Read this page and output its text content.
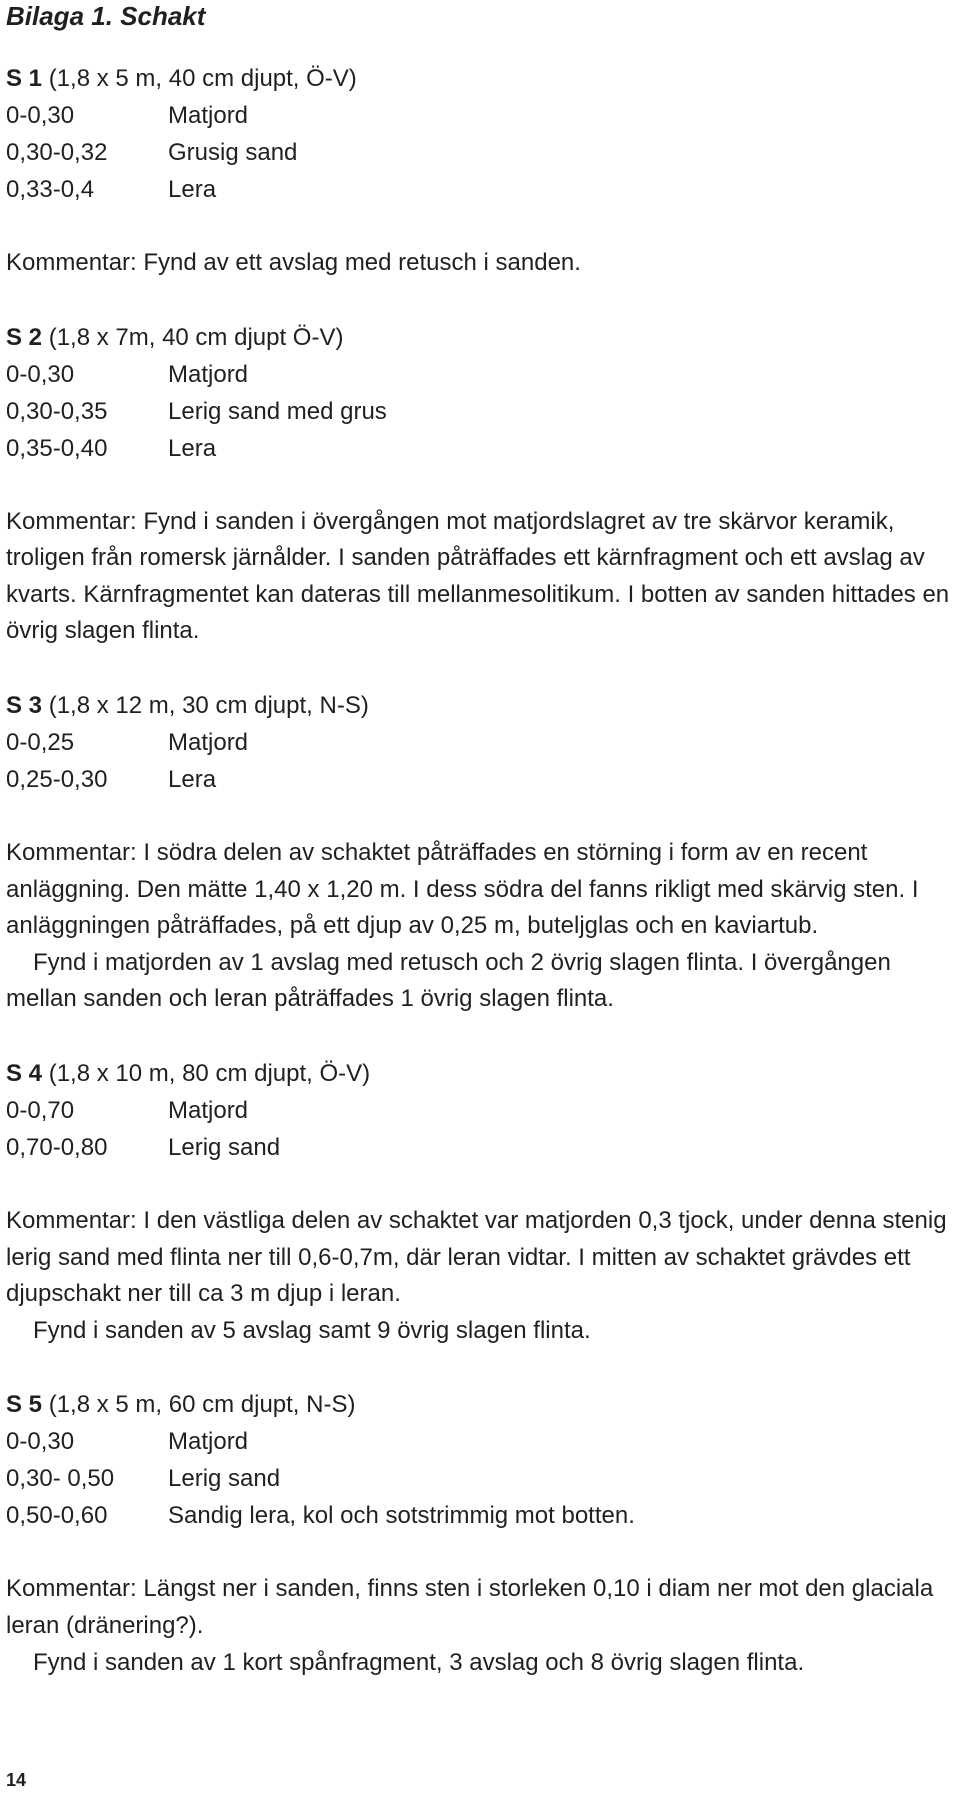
Bilaga 1. Schakt

S 1 (1,8 x 5 m, 40 cm djupt, Ö-V)

0-0,30	Matjord
0,30-0,32	Grusig sand
0,33-0,4	Lera

Kommentar: Fynd av ett avslag med retusch i sanden.

S 2 (1,8 x 7m, 40 cm djupt Ö-V)

0-0,30	Matjord
0,30-0,35	Lerig sand med grus
0,35-0,40	Lera

Kommentar: Fynd i sanden i övergången mot matjordslagret av tre skärvor keramik, troligen från romersk järnålder. I sanden påträffades ett kärnfragment och ett avslag av kvarts. Kärnfragmentet kan dateras till mellanmesolitikum. I botten av sanden hittades en övrig slagen flinta.

S 3 (1,8 x 12 m, 30 cm djupt, N-S)

0-0,25	Matjord
0,25-0,30	Lera

Kommentar: I södra delen av schaktet påträffades en störning i form av en recent anläggning. Den mätte 1,40 x 1,20 m. I dess södra del fanns rikligt med skärvig sten. I anläggningen påträffades, på ett djup av 0,25 m, buteljglas och en kaviartub.

Fynd i matjorden av 1 avslag med retusch och 2 övrig slagen flinta. I övergången mellan sanden och leran påträffades 1 övrig slagen flinta.

S 4 (1,8 x 10 m, 80 cm djupt, Ö-V)

0-0,70	Matjord
0,70-0,80	Lerig sand

Kommentar: I den västliga delen av schaktet var matjorden 0,3 tjock, under denna stenig lerig sand med flinta ner till 0,6-0,7m, där leran vidtar. I mitten av schaktet grävdes ett djupschakt ner till ca 3 m djup i leran.

Fynd i sanden av 5 avslag samt 9 övrig slagen flinta.

S 5 (1,8 x 5 m, 60 cm djupt, N-S)

0-0,30	Matjord
0,30- 0,50	Lerig sand
0,50-0,60	Sandig lera, kol och sotstrimmig mot botten.

Kommentar: Längst ner i sanden, finns sten i storleken 0,10 i diam ner mot den glaciala leran (dränering?).

Fynd i sanden av 1 kort spånfragment, 3 avslag och 8 övrig slagen flinta.

14
